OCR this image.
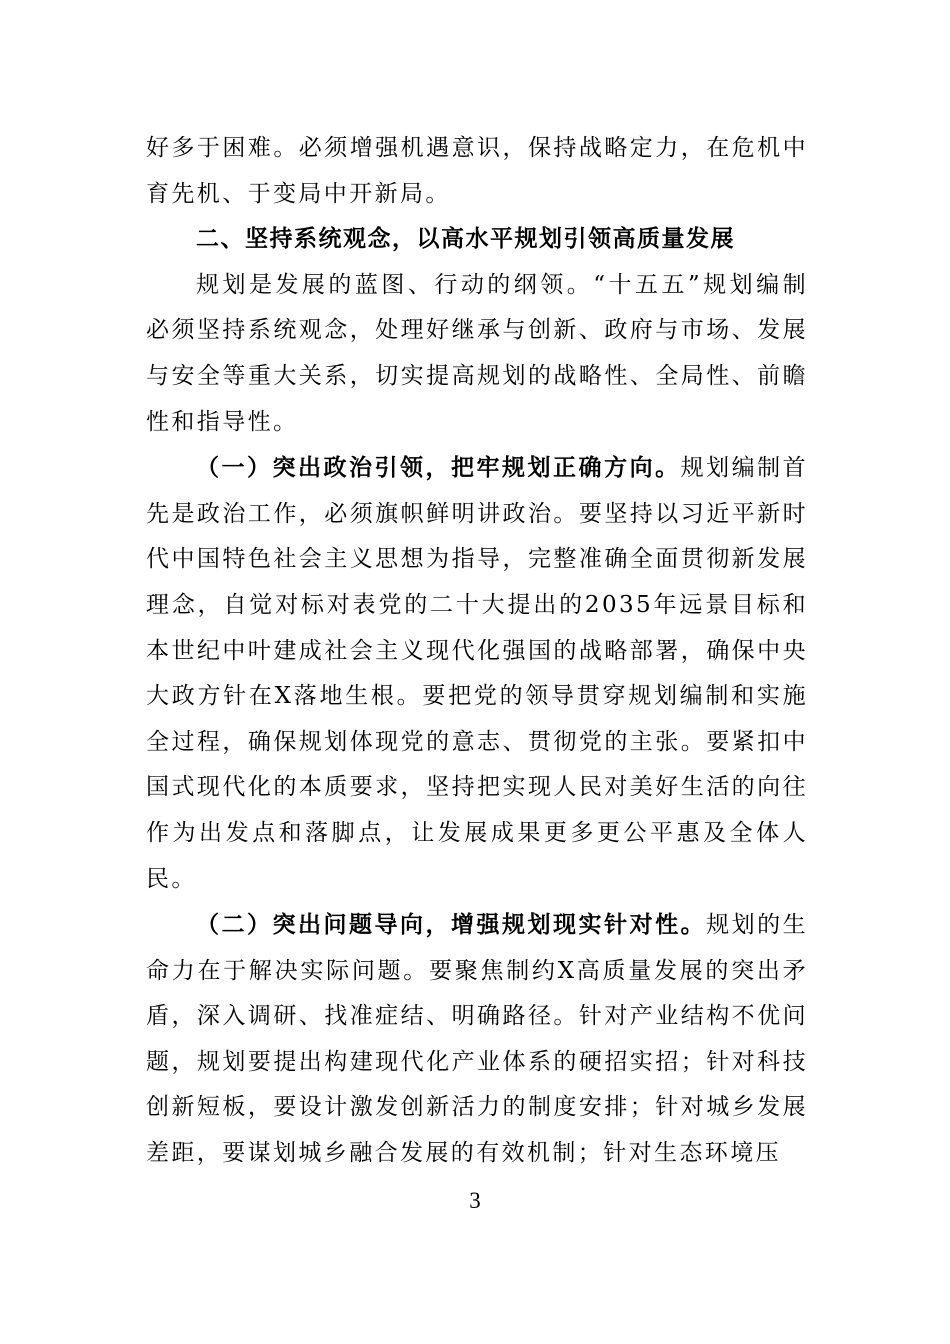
好多于困难。必须增强机遇意识，保持战略定力，在危机中育先机、于变局中开新局。

二、坚持系统观念，以高水平规划引领高质量发展

规划是发展的蓝图、行动的纲领。“十五五”规划编制必须坚持系统观念，处理好继承与创新、政府与市场、发展与安全等重大关系，切实提高规划的战略性、全局性、前瞻性和指导性。

（一）突出政治引领，把牢规划正确方向。规划编制首先是政治工作，必须旗帜鲜明讲政治。要坚持以习近平新时代中国特色社会主义思想为指导，完整准确全面贯彻新发展理念，自觉对标对表党的二十大提出的2035年远景目标和本世纪中叶建成社会主义现代化强国的战略部署，确保中央大政方针在X落地生根。要把党的领导贯穿规划编制和实施全过程，确保规划体现党的意志、贯彻党的主张。要紧扣中国式现代化的本质要求，坚持把实现人民对美好生活的向往作为出发点和落脚点，让发展成果更多更公平惠及全体人民。

（二）突出问题导向，增强规划现实针对性。规划的生命力在于解决实际问题。要聚焦制约X高质量发展的突出矛盾，深入调研、找准症结、明确路径。针对产业结构不优问题，规划要提出构建现代化产业体系的硬招实招；针对科技创新短板，要设计激发创新活力的制度安排；针对城乡发展差距，要谋划城乡融合发展的有效机制；针对生态环境压

3
